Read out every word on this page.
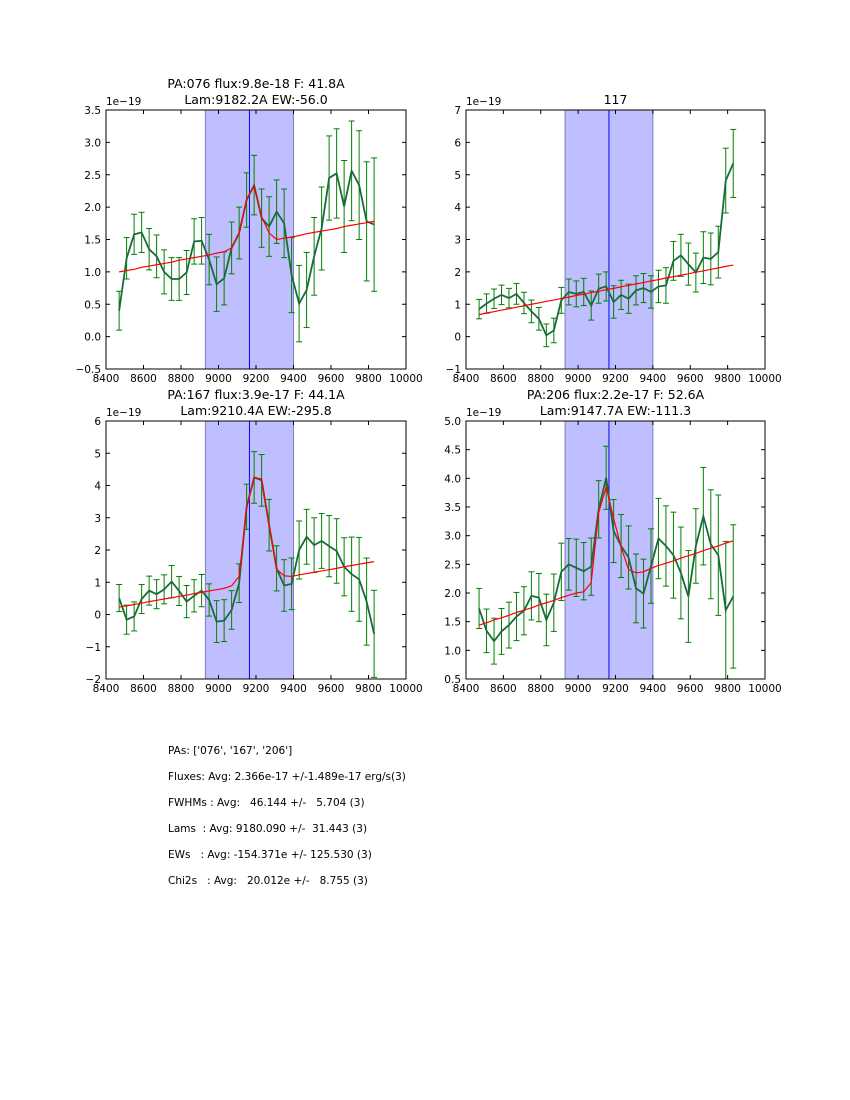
8400 8600 8800 9000 9200 9400 9600 9800 10000
−0.5
0.0
0.5
1.0
1.5
2.0
2.5
3.0
3.5
1e−19
PA:076 flux:9.8e-18 F: 41.8A
Lam:9182.2A EW:-56.0
8400 8600 8800 9000 9200 9400 9600 9800 10000
−1
0
1
2
3
4
5
6
7
1e−19	117
8400 8600 8800 9000 9200 9400 9600 9800 10000
−2
−1
0
1
2
3
4
5
6
1e−19
PA:167 flux:3.9e-17 F: 44.1A
Lam:9210.4A EW:-295.8
8400 8600 8800 9000 9200 9400 9600 9800 10000
0.5
1.0
1.5
2.0
2.5
3.0
3.5
4.0
4.5
5.0
1e−19
PA:206 flux:2.2e-17 F: 52.6A
Lam:9147.7A EW:-111.3
PAs: ['076', '167', '206']
Fluxes: Avg: 2.366e-17 +/-1.489e-17 erg/s(3)
FWHMs : Avg:   46.144 +/-   5.704 (3)
Lams  : Avg: 9180.090 +/-  31.443 (3)
EWs   : Avg: -154.371e +/- 125.530 (3)
Chi2s   : Avg:   20.012e +/-   8.755 (3)
